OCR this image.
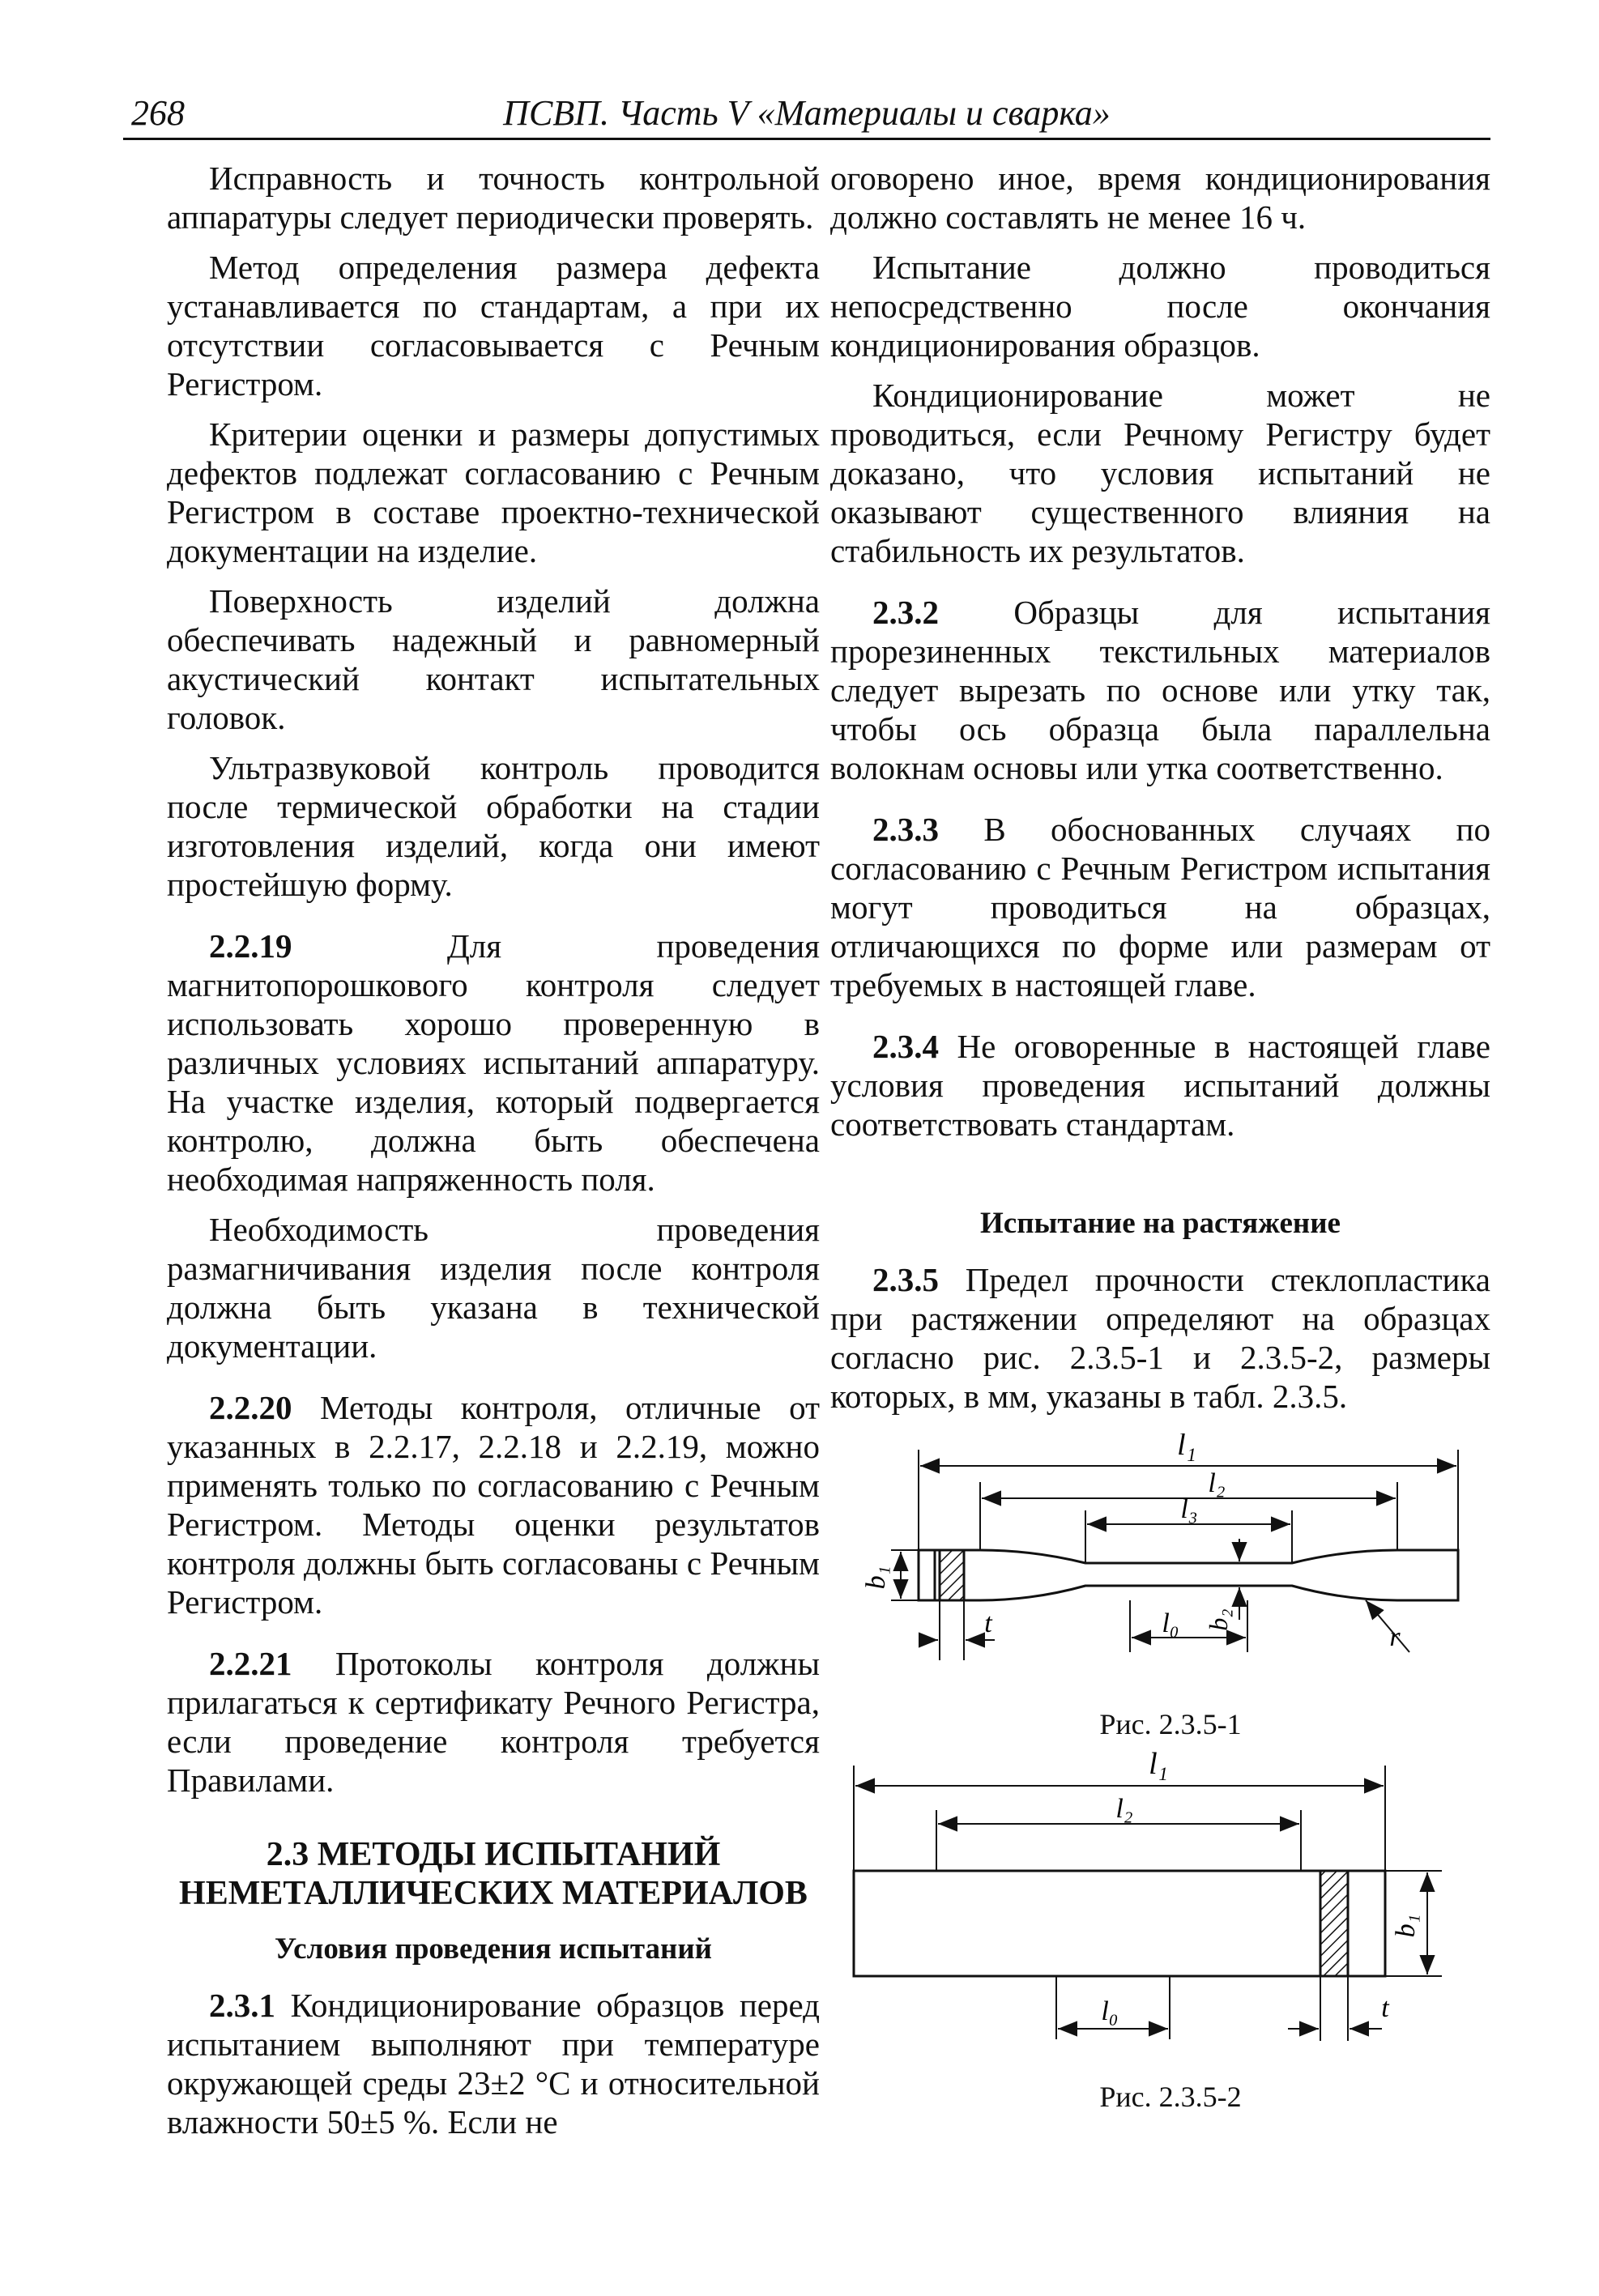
268	ПСВП. Часть V «Материалы и сварка»

Исправность и точность контрольной аппаратуры следует периодически проверять.

Метод определения размера дефекта устанавливается по стандартам, а при их отсутствии согласовывается с Речным Регистром.

Критерии оценки и размеры допустимых дефектов подлежат согласованию с Речным Регистром в составе проектно-технической документации на изделие.

Поверхность изделий должна обеспечивать надежный и равномерный акустический контакт испытательных головок.

Ультразвуковой контроль проводится после термической обработки на стадии изготовления изделий, когда они имеют простейшую форму.

2.2.19 Для проведения магнитопорошкового контроля следует использовать хорошо проверенную в различных условиях испытаний аппаратуру. На участке изделия, который подвергается контролю, должна быть обеспечена необходимая напряженность поля.

Необходимость проведения размагничивания изделия после контроля должна быть указана в технической документации.

2.2.20 Методы контроля, отличные от указанных в 2.2.17, 2.2.18 и 2.2.19, можно применять только по согласованию с Речным Регистром. Методы оценки результатов контроля должны быть согласованы с Речным Регистром.

2.2.21 Протоколы контроля должны прилагаться к сертификату Речного Регистра, если проведение контроля требуется Правилами.

2.3 МЕТОДЫ ИСПЫТАНИЙ
НЕМЕТАЛЛИЧЕСКИХ МАТЕРИАЛОВ
Условия проведения испытаний

2.3.1 Кондиционирование образцов перед испытанием выполняют при температуре окружающей среды 23±2 °С и относительной влажности 50±5 %. Если не

оговорено иное, время кондиционирования должно составлять не менее 16 ч.

Испытание должно проводиться непосредственно после окончания кондиционирования образцов.

Кондиционирование может не проводиться, если Речному Регистру будет доказано, что условия испытаний не оказывают существенного влияния на стабильность их результатов.

2.3.2 Образцы для испытания прорезиненных текстильных материалов следует вырезать по основе или утку так, чтобы ось образца была параллельна волокнам основы или утка соответственно.

2.3.3 В обоснованных случаях по согласованию с Речным Регистром испытания могут проводиться на образцах, отличающихся по форме или размерам от требуемых в настоящей главе.

2.3.4 Не оговоренные в настоящей главе условия проведения испытаний должны соответствовать стандартам.

Испытание на растяжение

2.3.5 Предел прочности стеклопластика при растяжении определяют на образцах согласно рис. 2.3.5-1 и 2.3.5-2, размеры которых, в мм, указаны в табл. 2.3.5.

l₁
l₂
l₃
b₁
b₂
l₀
t	r
Рис. 2.3.5-1
l₁
l₂
b₁
l₀	t
Рис. 2.3.5-2
